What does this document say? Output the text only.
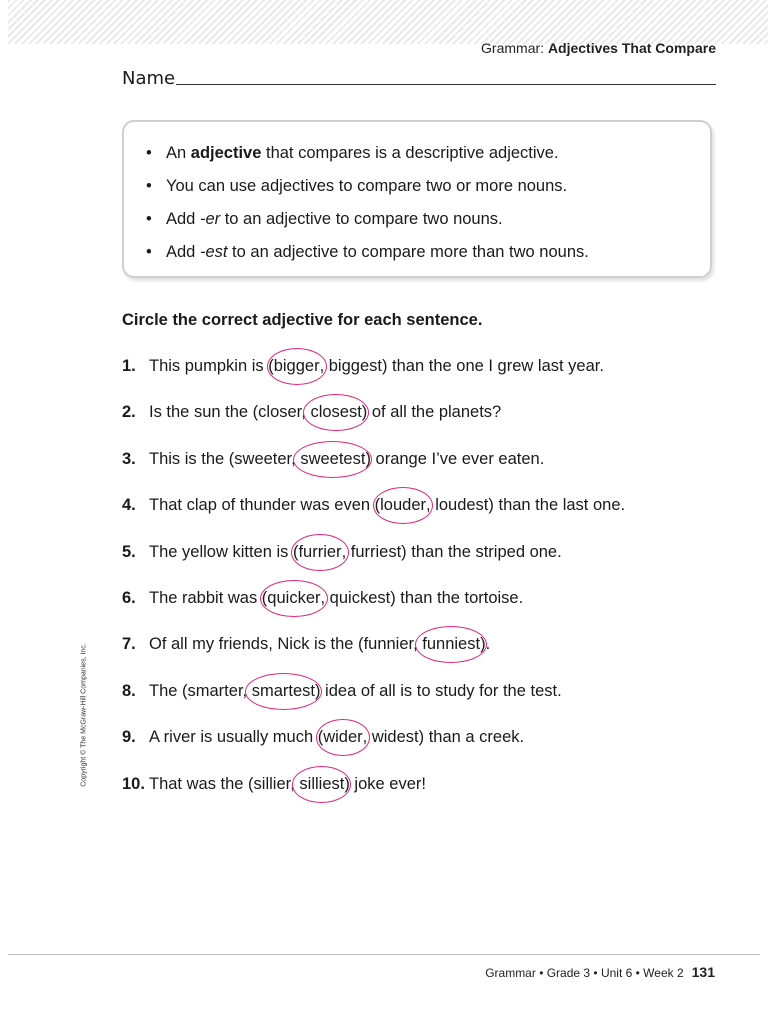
Grammar: Adjectives That Compare
Name
• An adjective that compares is a descriptive adjective.
• You can use adjectives to compare two or more nouns.
• Add -er to an adjective to compare two nouns.
• Add -est to an adjective to compare more than two nouns.
Circle the correct adjective for each sentence.
1. This pumpkin is (bigger, biggest) than the one I grew last year.
2. Is the sun the (closer, closest) of all the planets?
3. This is the (sweeter, sweetest) orange I’ve ever eaten.
4. That clap of thunder was even (louder, loudest) than the last one.
5. The yellow kitten is (furrier, furriest) than the striped one.
6. The rabbit was (quicker, quickest) than the tortoise.
7. Of all my friends, Nick is the (funnier, funniest).
8. The (smarter, smartest) idea of all is to study for the test.
9. A river is usually much (wider, widest) than a creek.
10. That was the (sillier, silliest) joke ever!
Copyright © The McGraw-Hill Companies, Inc.
Grammar • Grade 3 • Unit 6 • Week 2 131
